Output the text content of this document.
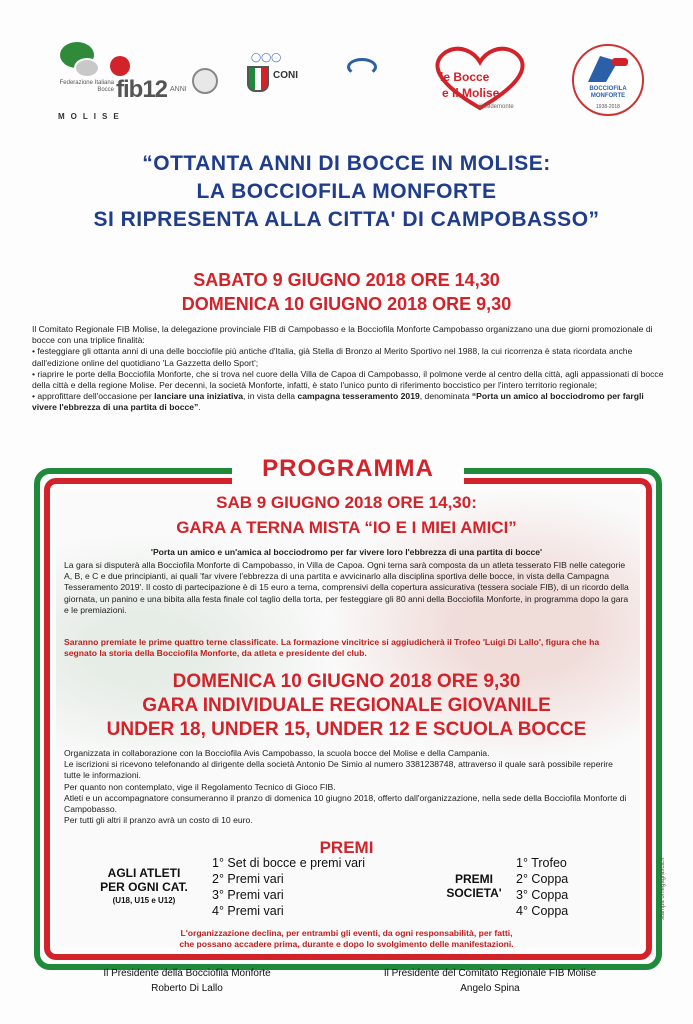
Federazione Italiana Bocce fib12 ANNI
MOLISE
◯◯◯
CONI	le Bocce
e il Molise
#insidemonte
BOCCIOFILA MONFORTE
1938-2018
“OTTANTA ANNI DI BOCCE IN MOLISE:
LA BOCCIOFILA MONFORTE
SI RIPRESENTA ALLA CITTA' DI CAMPOBASSO”
SABATO 9 GIUGNO 2018 ORE 14,30
DOMENICA 10 GIUGNO 2018 ORE 9,30

Il Comitato Regionale FIB Molise, la delegazione provinciale FIB di Campobasso e la Bocciofila Monforte Campobasso organizzano una due giorni promozionale di bocce con una triplice finalità:

• festeggiare gli ottanta anni di una delle bocciofile più antiche d'Italia, già Stella di Bronzo al Merito Sportivo nel 1988, la cui ricorrenza è stata ricordata anche dall'edizione online del quotidiano 'La Gazzetta dello Sport';

• riaprire le porte della Bocciofila Monforte, che si trova nel cuore della Villa de Capoa di Campobasso, il polmone verde al centro della città, agli appassionati di bocce della città e della regione Molise. Per decenni, la società Monforte, infatti, è stato l'unico punto di riferimento boccistico per l'intero territorio regionale;

• approfittare dell'occasione per lanciare una iniziativa, in vista della campagna tesseramento 2019, denominata “Porta un amico al bocciodromo per fargli vivere l'ebbrezza di una partita di bocce”.

PROGRAMMA
SAB 9 GIUGNO 2018 ORE 14,30:
GARA A TERNA MISTA “IO E I MIEI AMICI”
'Porta un amico e un'amica al bocciodromo per far vivere loro l'ebbrezza di una partita di bocce'
La gara si disputerà alla Bocciofila Monforte di Campobasso, in Villa de Capoa. Ogni terna sarà composta da un atleta tesserato FIB nelle categorie A, B, e C e due principianti, ai quali 'far vivere l'ebbrezza di una partita e avvicinarlo alla disciplina sportiva delle bocce, in vista della Campagna Tesseramento 2019'. Il costo di partecipazione è di 15 euro a terna, comprensivi della copertura assicurativa (tessera sociale FIB), di un ricordo della giornata, un panino e una bibita alla festa finale col taglio della torta, per festeggiare gli 80 anni della Bocciofila Monforte, in programma dopo la gara e le premiazioni.
Saranno premiate le prime quattro terne classificate. La formazione vincitrice si aggiudicherà il Trofeo 'Luigi Di Lallo', figura che ha segnato la storia della Bocciofila Monforte, da atleta e presidente del club.
DOMENICA 10 GIUGNO 2018 ORE 9,30
GARA INDIVIDUALE REGIONALE GIOVANILE
UNDER 18, UNDER 15, UNDER 12 E SCUOLA BOCCE
Organizzata in collaborazione con la Bocciofila Avis Campobasso, la scuola bocce del Molise e della Campania.
Le iscrizioni si ricevono telefonando al dirigente della società Antonio De Simio al numero 3381238748, attraverso il quale sarà possibile reperire tutte le informazioni.
Per quanto non contemplato, vige il Regolamento Tecnico di Gioco FIB.
Atleti e un accompagnatore consumeranno il pranzo di domenica 10 giugno 2018, offerto dall'organizzazione, nella sede della Bocciofila Monforte di Campobasso.
Per tutti gli altri il pranzo avrà un costo di 10 euro.
PREMI
AGLI ATLETI
PER OGNI CAT.
(U18, U15 e U12)
1° Set di bocce e premi vari
2° Premi vari
3° Premi vari
4° Premi vari
PREMI
SOCIETA'
1° Trofeo
2° Coppa
3° Coppa
4° Coppa
L'organizzazione declina, per entrambi gli eventi, da ogni responsabilità, per fatti,
che possano accadere prima, durante e dopo lo svolgimento delle manifestazioni.
Il Presidente della Bocciofila Monforte
Roberto Di Lallo
Il Presidente del Comitato Regionale FIB Molise
Angelo Spina
stampa omegagrafica.it
